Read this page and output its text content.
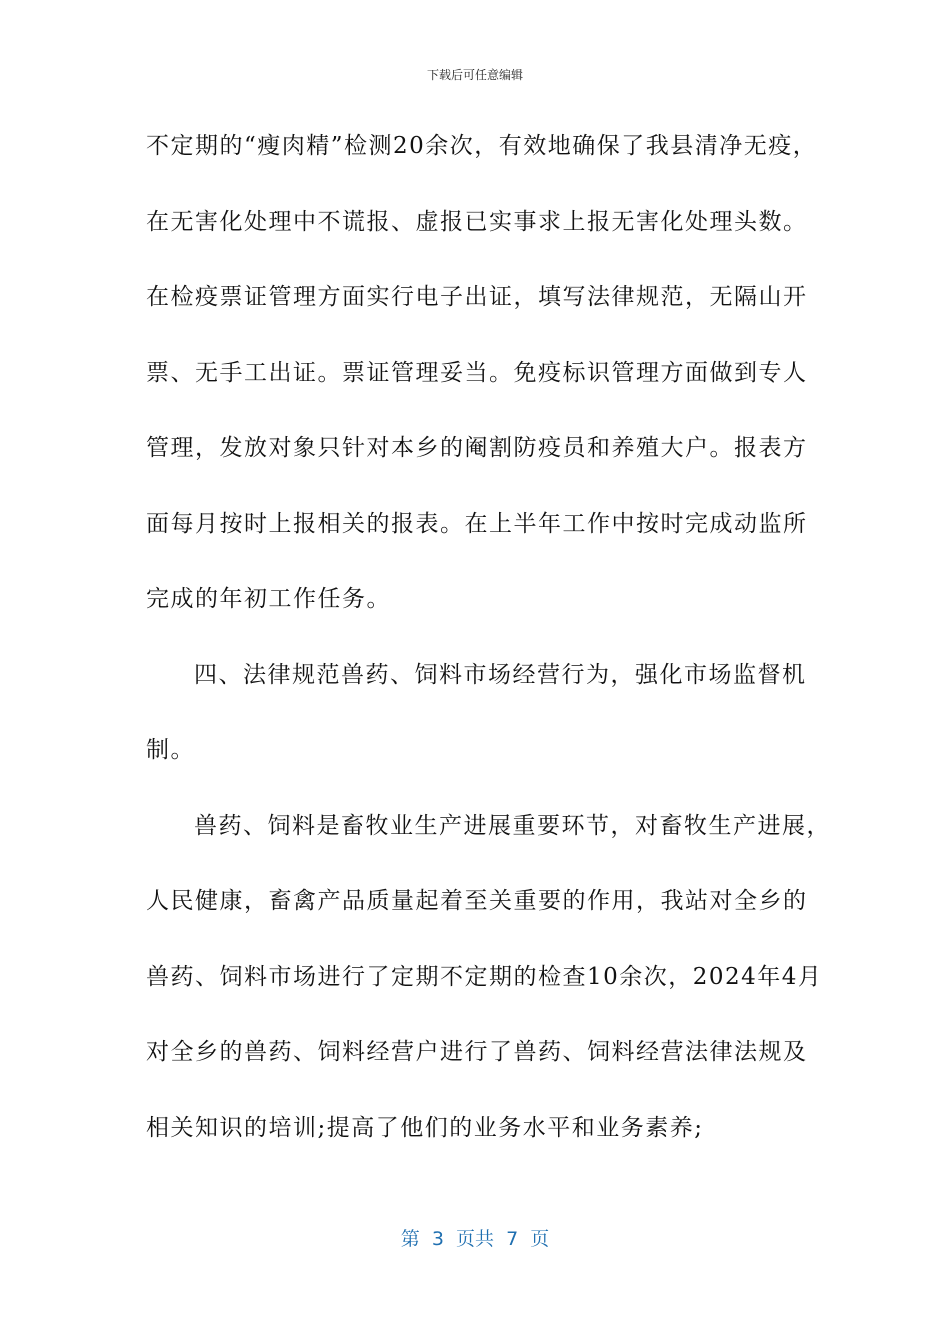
下载后可任意编辑
不定期的“瘦肉精”检测20余次，有效地确保了我县清净无疫，
在无害化处理中不谎报、虚报已实事求上报无害化处理头数。
在检疫票证管理方面实行电子出证，填写法律规范，无隔山开
票、无手工出证。票证管理妥当。免疫标识管理方面做到专人
管理，发放对象只针对本乡的阉割防疫员和养殖大户。报表方
面每月按时上报相关的报表。在上半年工作中按时完成动监所
完成的年初工作任务。
四、法律规范兽药、饲料市场经营行为，强化市场监督机
制。
兽药、饲料是畜牧业生产进展重要环节，对畜牧生产进展，
人民健康，畜禽产品质量起着至关重要的作用，我站对全乡的
兽药、饲料市场进行了定期不定期的检查10余次，2024年4月
对全乡的兽药、饲料经营户进行了兽药、饲料经营法律法规及
相关知识的培训;提高了他们的业务水平和业务素养;
第  3  页共  7  页
